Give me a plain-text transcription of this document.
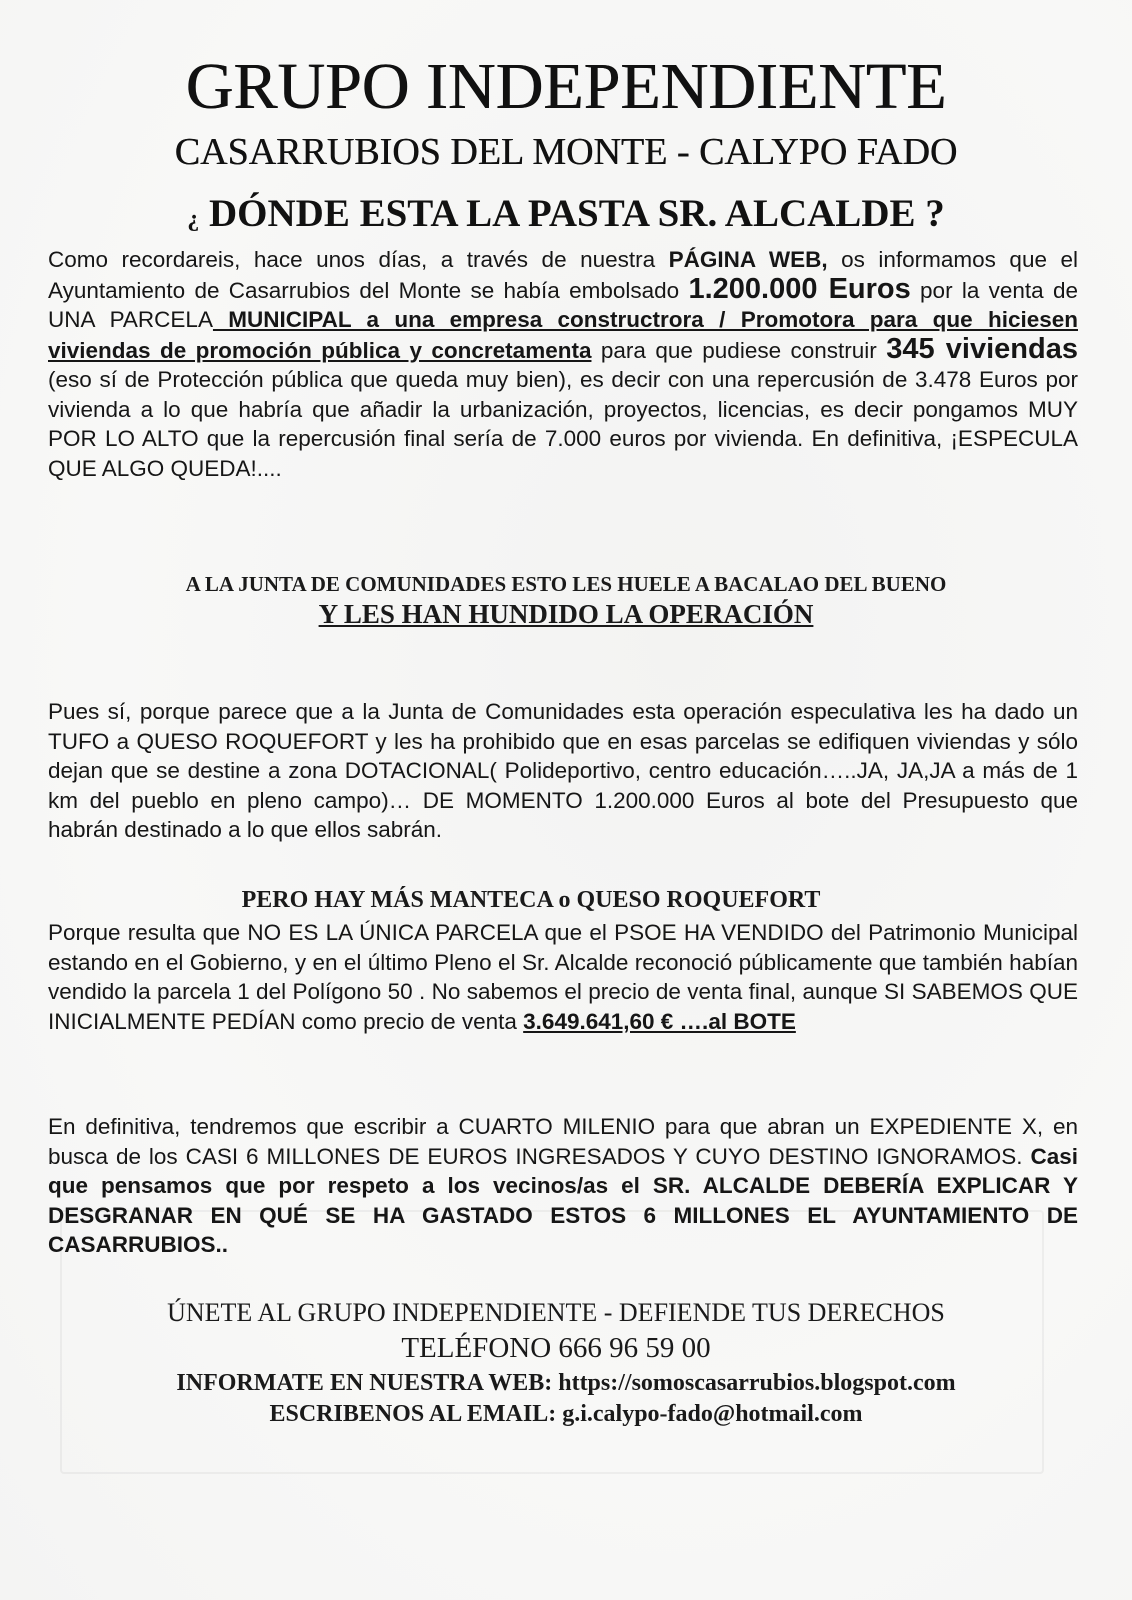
GRUPO INDEPENDIENTE
CASARRUBIOS DEL MONTE - CALYPO FADO
¿ DÓNDE ESTA LA PASTA SR. ALCALDE ?
Como recordareis, hace unos días, a través de nuestra PÁGINA WEB, os informamos que el Ayuntamiento de Casarrubios del Monte se había embolsado 1.200.000 Euros por la venta de UNA PARCELA MUNICIPAL a una empresa constructrora / Promotora para que hiciesen viviendas de promoción pública y concretamenta para que pudiese construir 345 viviendas (eso sí de Protección pública que queda muy bien), es decir con una repercusión de 3.478 Euros por vivienda a lo que habría que añadir la urbanización, proyectos, licencias, es decir pongamos MUY POR LO ALTO que la repercusión final sería de 7.000 euros por vivienda. En definitiva, ¡ESPECULA QUE ALGO QUEDA!....
A LA JUNTA DE COMUNIDADES ESTO LES HUELE A BACALAO DEL BUENO
Y LES HAN HUNDIDO LA OPERACIÓN
Pues sí, porque parece que a la Junta de Comunidades esta operación especulativa les ha dado un TUFO a QUESO ROQUEFORT y les ha prohibido que en esas parcelas se edifiquen viviendas y sólo dejan que se destine a zona DOTACIONAL( Polideportivo, centro educación…..JA, JA,JA a más de 1 km del pueblo en pleno campo)… DE MOMENTO 1.200.000 Euros al bote del Presupuesto que habrán destinado a lo que ellos sabrán.
PERO HAY MÁS MANTECA o QUESO ROQUEFORT
Porque resulta que NO ES LA ÚNICA PARCELA que el PSOE HA VENDIDO del Patrimonio Municipal estando en el Gobierno, y en el último Pleno el Sr. Alcalde reconoció públicamente que también habían vendido la parcela 1 del Polígono 50 . No sabemos el precio de venta final, aunque SI SABEMOS QUE INICIALMENTE PEDÍAN como precio de venta 3.649.641,60 € ….al BOTE
En definitiva, tendremos que escribir a CUARTO MILENIO para que abran un EXPEDIENTE X, en busca de los CASI 6 MILLONES DE EUROS INGRESADOS Y CUYO DESTINO IGNORAMOS. Casi que pensamos que por respeto a los vecinos/as el SR. ALCALDE DEBERÍA EXPLICAR Y DESGRANAR EN QUÉ SE HA GASTADO ESTOS 6 MILLONES EL AYUNTAMIENTO DE CASARRUBIOS..
ÚNETE AL GRUPO INDEPENDIENTE - DEFIENDE TUS DERECHOS
TELÉFONO 666 96 59 00
INFORMATE EN NUESTRA WEB: https://somoscasarrubios.blogspot.com
ESCRIBENOS AL EMAIL: g.i.calypo-fado@hotmail.com
